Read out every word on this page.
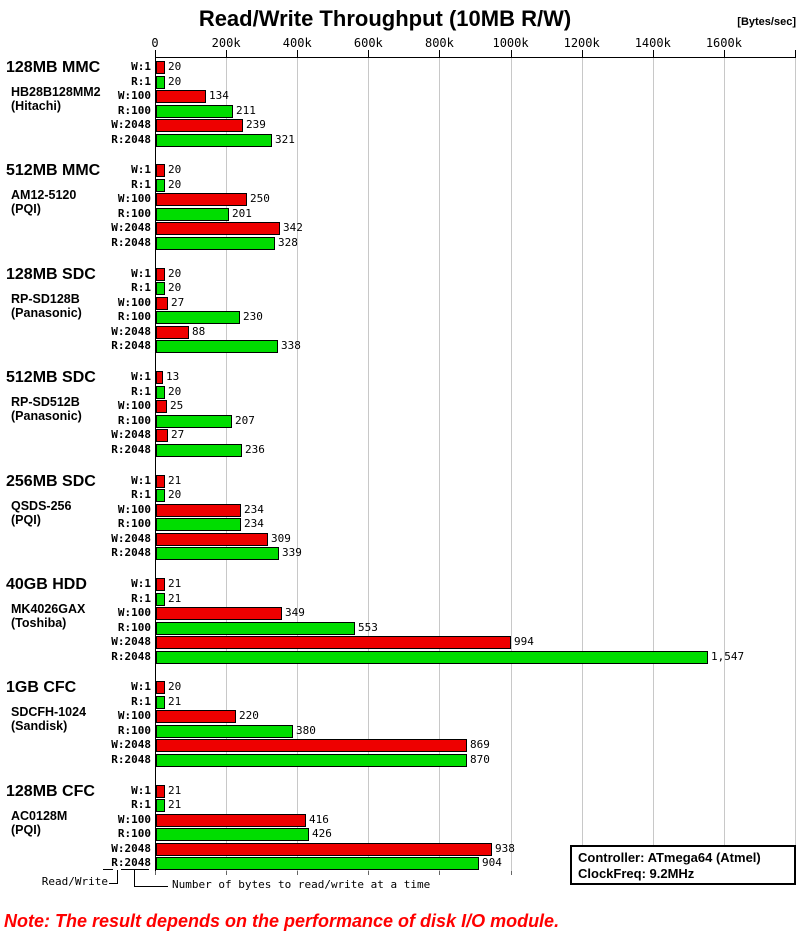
Read/Write Throughput (10MB R/W)	[Bytes/sec]
0	200k	400k	600k	800k	1000k	1200k	1400k	1600k
128MB MMC
HB28B128MM2
(Hitachi)
W:1 20
R:1 20
W:100	134
R:100	211
W:2048	239
R:2048	321
512MB MMC
AM12-5120
(PQI)
W:1 20
R:1 20
W:100	250
R:100	201
W:2048	342
R:2048	328
128MB SDC
RP-SD128B
(Panasonic)
W:1 20
R:1 20
W:100 27
R:100	230
W:2048	88
R:2048	338
512MB SDC
RP-SD512B
(Panasonic)
W:1 13
R:1 20
W:100 25
R:100	207
W:2048 27
R:2048	236
256MB SDC
QSDS-256
(PQI)
W:1 21
R:1 20
W:100	234
R:100	234
W:2048	309
R:2048	339
40GB HDD
MK4026GAX
(Toshiba)
W:1 21
R:1 21
W:100	349
R:100	553
W:2048	994
R:2048	1,547
1GB CFC
SDCFH-1024
(Sandisk)
W:1 20
R:1 21
W:100	220
R:100	380
W:2048	869
R:2048	870
128MB CFC
AC0128M
(PQI)
W:1 21
R:1 21
W:100	416
R:100	426
W:2048	938
R:2048	904
Read/Write	Number of bytes to read/write at a time
Controller: ATmega64 (Atmel)
ClockFreq: 9.2MHz
Note: The result depends on the performance of disk I/O module.
